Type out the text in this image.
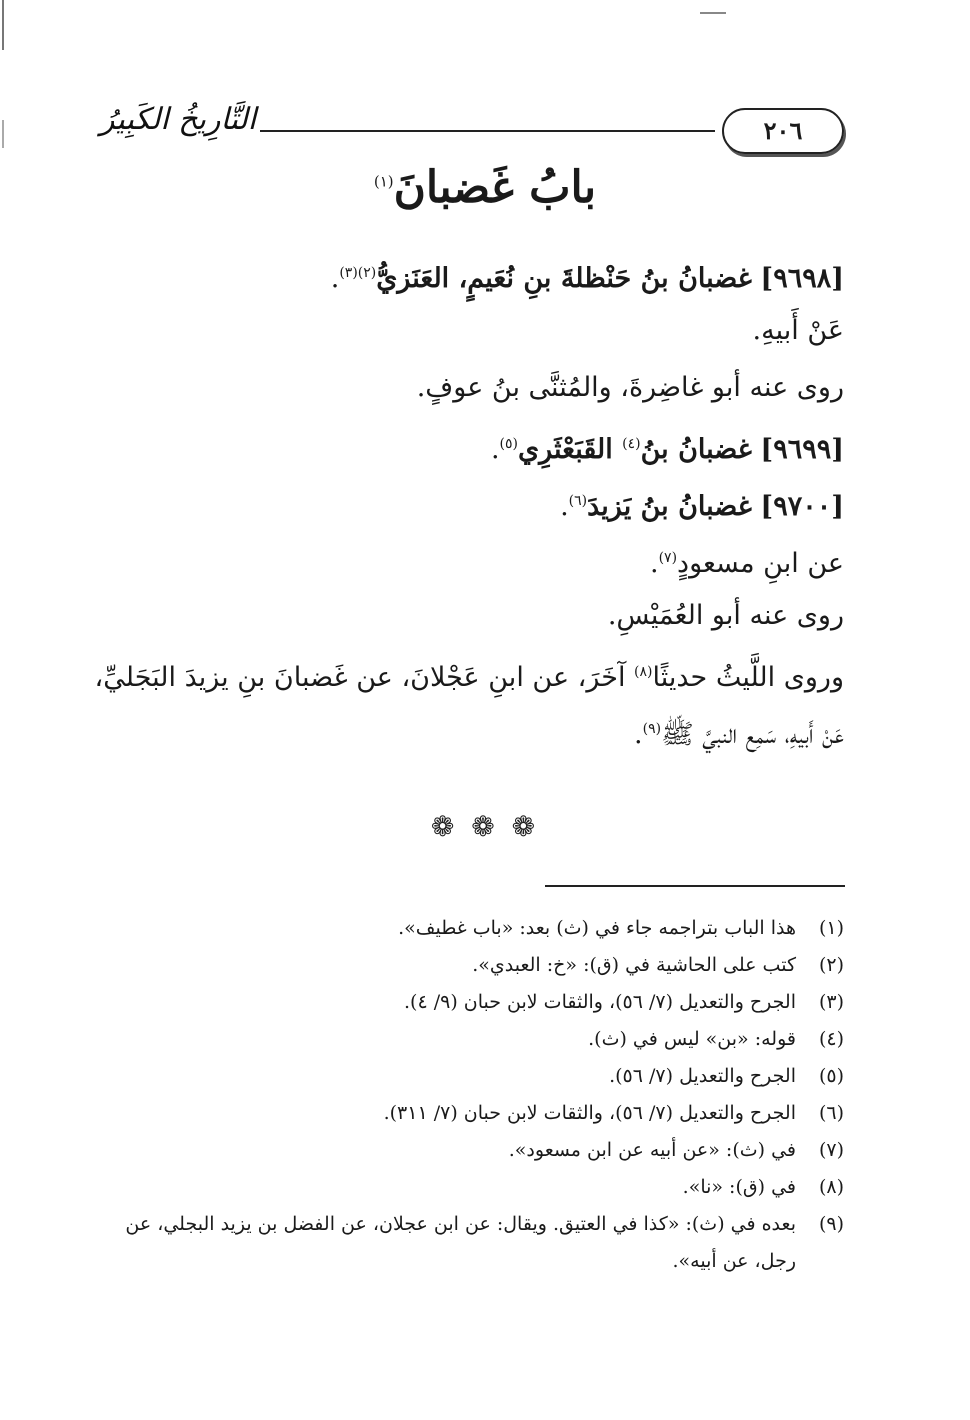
التَّارِيخُ الكَبِيرُ	٢٠٦
بابُ غَضبانَ$^{(١)}$

[٩٦٩٨] غضبانُ بنُ حَنْظلةَ بنِ نُعَيمٍ، العَنَزيُّ$^{(٢)(٣)}$.

عَنْ أَبيهِ.

روى عنه أبو غاضِرةَ، والمُثنَّى بنُ عوفٍ.

[٩٦٩٩] غضبانُ بنُ$^{(٤)}$ القَبَعْثَرِي$^{(٥)}$.

[٩٧٠٠] غضبانُ بنُ يَزيدَ$^{(٦)}$.

عن ابنِ مسعودٍ$^{(٧)}$.

روى عنه أبو العُمَيْسِ.

وروى اللَّيثُ حديثًا$^{(٨)}$ آخَرَ، عن ابنِ عَجْلانَ، عن غَضبانَ بنِ يزيدَ البَجَليِّ،

عَنْ أَبيهِ، سَمِع النبيَّ ﷺ$^{(٩)}$.

❁ ❁ ❁
(١)هذا الباب بتراجمه جاء في (ث) بعد: «باب غطيف».
(٢)كتب على الحاشية في (ق): «خ: العبدي».
(٣)الجرح والتعديل (٧/ ٥٦)، والثقات لابن حبان (٩/ ٤).
(٤)قوله: «بن» ليس في (ث).
(٥)الجرح والتعديل (٧/ ٥٦).
(٦)الجرح والتعديل (٧/ ٥٦)، والثقات لابن حبان (٧/ ٣١١).
(٧)في (ث): «عن أبيه عن ابن مسعود».
(٨)في (ق): «نا».
(٩)
بعده في (ث): «كذا في العتيق. ويقال: عن ابن عجلان، عن الفضل بن يزيد البجلي، عن رجل، عن أبيه».
